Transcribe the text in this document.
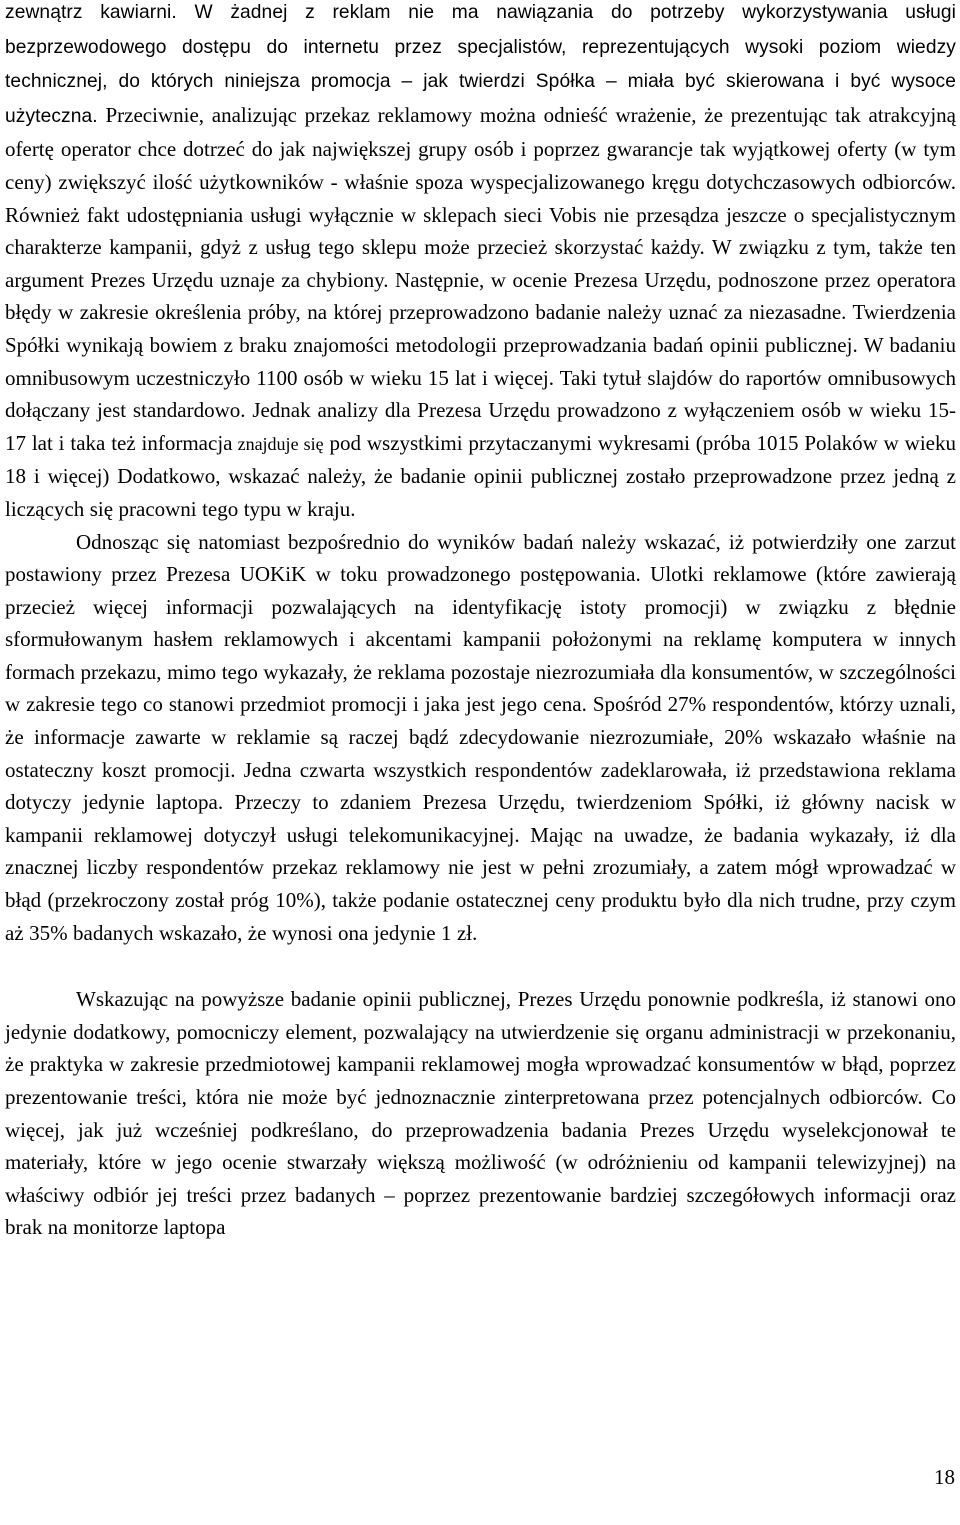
zewnątrz kawiarni. W żadnej z reklam nie ma nawiązania do potrzeby wykorzystywania usługi bezprzewodowego dostępu do internetu przez specjalistów, reprezentujących wysoki poziom wiedzy technicznej, do których niniejsza promocja – jak twierdzi Spółka – miała być skierowana i być wysoce użyteczna. Przeciwnie, analizując przekaz reklamowy można odnieść wrażenie, że prezentując tak atrakcyjną ofertę operator chce dotrzeć do jak największej grupy osób i poprzez gwarancje tak wyjątkowej oferty (w tym ceny) zwiększyć ilość użytkowników - właśnie spoza wyspecjalizowanego kręgu dotychczasowych odbiorców. Również fakt udostępniania usługi wyłącznie w sklepach sieci Vobis nie przesądza jeszcze o specjalistycznym charakterze kampanii, gdyż z usług tego sklepu może przecież skorzystać każdy. W związku z tym, także ten argument Prezes Urzędu uznaje za chybiony. Następnie, w ocenie Prezesa Urzędu, podnoszone przez operatora błędy w zakresie określenia próby, na której przeprowadzono badanie należy uznać za niezasadne. Twierdzenia Spółki wynikają bowiem z braku znajomości metodologii przeprowadzania badań opinii publicznej. W badaniu omnibusowym uczestniczyło 1100 osób w wieku 15 lat i więcej. Taki tytuł slajdów do raportów omnibusowych dołączany jest standardowo. Jednak analizy dla Prezesa Urzędu prowadzono z wyłączeniem osób w wieku 15-17 lat i taka też informacja znajduje się pod wszystkimi przytaczanymi wykresami (próba 1015 Polaków w wieku 18 i więcej) Dodatkowo, wskazać należy, że badanie opinii publicznej zostało przeprowadzone przez jedną z liczących się pracowni tego typu w kraju.

Odnosząc się natomiast bezpośrednio do wyników badań należy wskazać, iż potwierdziły one zarzut postawiony przez Prezesa UOKiK w toku prowadzonego postępowania. Ulotki reklamowe (które zawierają przecież więcej informacji pozwalających na identyfikację istoty promocji) w związku z błędnie sformułowanym hasłem reklamowych i akcentami kampanii położonymi na reklamę komputera w innych formach przekazu, mimo tego wykazały, że reklama pozostaje niezrozumiała dla konsumentów, w szczególności w zakresie tego co stanowi przedmiot promocji i jaka jest jego cena. Spośród 27% respondentów, którzy uznali, że informacje zawarte w reklamie są raczej bądź zdecydowanie niezrozumiałe, 20% wskazało właśnie na ostateczny koszt promocji. Jedna czwarta wszystkich respondentów zadeklarowała, iż przedstawiona reklama dotyczy jedynie laptopa. Przeczy to zdaniem Prezesa Urzędu, twierdzeniom Spółki, iż główny nacisk w kampanii reklamowej dotyczył usługi telekomunikacyjnej. Mając na uwadze, że badania wykazały, iż dla znacznej liczby respondentów przekaz reklamowy nie jest w pełni zrozumiały, a zatem mógł wprowadzać w błąd (przekroczony został próg 10%), także podanie ostatecznej ceny produktu było dla nich trudne, przy czym aż 35% badanych wskazało, że wynosi ona jedynie 1 zł.

Wskazując na powyższe badanie opinii publicznej, Prezes Urzędu ponownie podkreśla, iż stanowi ono jedynie dodatkowy, pomocniczy element, pozwalający na utwierdzenie się organu administracji w przekonaniu, że praktyka w zakresie przedmiotowej kampanii reklamowej mogła wprowadzać konsumentów w błąd, poprzez prezentowanie treści, która nie może być jednoznacznie zinterpretowana przez potencjalnych odbiorców. Co więcej, jak już wcześniej podkreślano, do przeprowadzenia badania Prezes Urzędu wyselekcjonował te materiały, które w jego ocenie stwarzały większą możliwość (w odróżnieniu od kampanii telewizyjnej) na właściwy odbiór jej treści przez badanych – poprzez prezentowanie bardziej szczegółowych informacji oraz brak na monitorze laptopa

18
